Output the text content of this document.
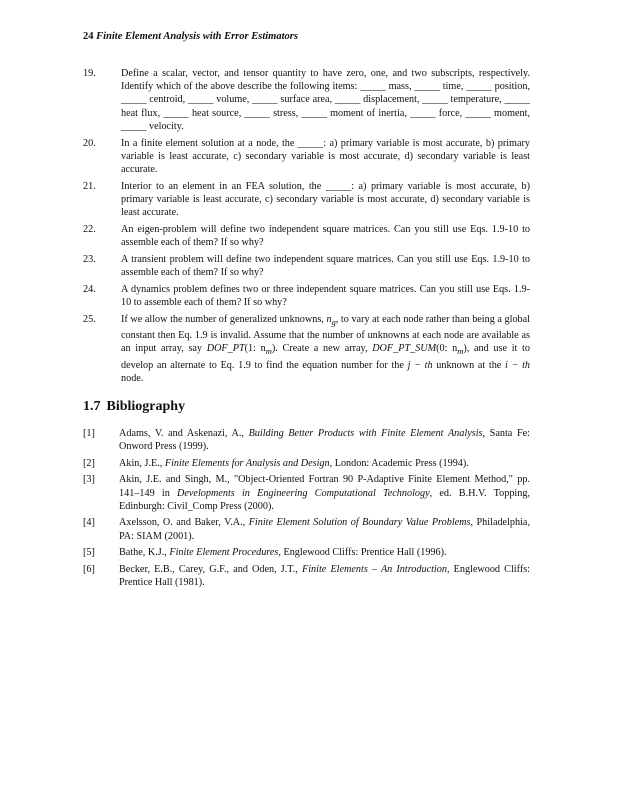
24 Finite Element Analysis with Error Estimators
19.	Define a scalar, vector, and tensor quantity to have zero, one, and two subscripts, respectively. Identify which of the above describe the following items: _____ mass, _____ time, _____ position, _____ centroid, _____ volume, _____ surface area, _____ displacement, _____ temperature, _____ heat flux, _____ heat source, _____ stress, _____ moment of inertia, _____ force, _____ moment, _____ velocity.
20.	In a finite element solution at a node, the _____: a) primary variable is most accurate, b) primary variable is least accurate, c) secondary variable is most accurate, d) secondary variable is least accurate.
21.	Interior to an element in an FEA solution, the _____: a) primary variable is most accurate, b) primary variable is least accurate, c) secondary variable is most accurate, d) secondary variable is least accurate.
22.	An eigen-problem will define two independent square matrices. Can you still use Eqs. 1.9-10 to assemble each of them? If so why?
23.	A transient problem will define two independent square matrices. Can you still use Eqs. 1.9-10 to assemble each of them? If so why?
24.	A dynamics problem defines two or three independent square matrices. Can you still use Eqs. 1.9-10 to assemble each of them? If so why?
25.	If we allow the number of generalized unknowns, $n_g$, to vary at each node rather than being a global constant then Eq. 1.9 is invalid. Assume that the number of unknowns at each node are available as an input array, say DOF_PT(1: $n_m$). Create a new array, DOF_PT_SUM(0: $n_m$), and use it to develop an alternate to Eq. 1.9 to find the equation number for the j − th unknown at the i − th node.
1.7 Bibliography
[1]	Adams, V. and Askenazi, A., Building Better Products with Finite Element Analysis, Santa Fe: Onword Press (1999).
[2]	Akin, J.E., Finite Elements for Analysis and Design, London: Academic Press (1994).
[3]	Akin, J.E. and Singh, M., "Object-Oriented Fortran 90 P-Adaptive Finite Element Method," pp. 141–149 in Developments in Engineering Computational Technology, ed. B.H.V. Topping, Edinburgh: Civil_Comp Press (2000).
[4]	Axelsson, O. and Baker, V.A., Finite Element Solution of Boundary Value Problems, Philadelphia, PA: SIAM (2001).
[5]	Bathe, K.J., Finite Element Procedures, Englewood Cliffs: Prentice Hall (1996).
[6]	Becker, E.B., Carey, G.F., and Oden, J.T., Finite Elements – An Introduction, Englewood Cliffs: Prentice Hall (1981).
